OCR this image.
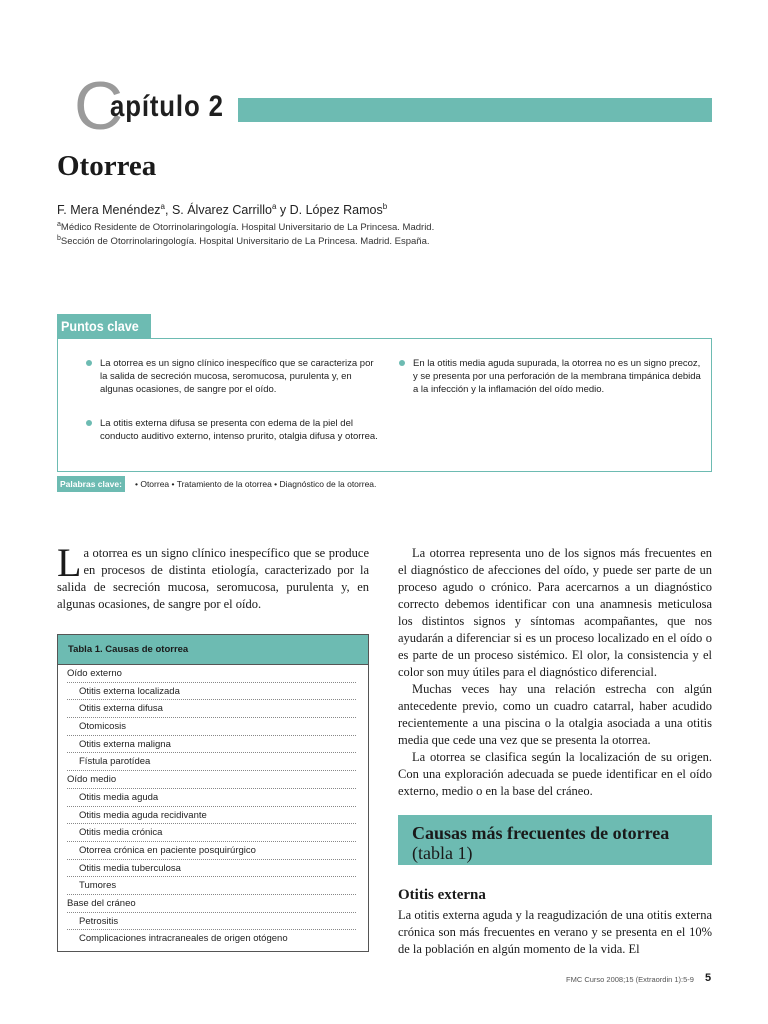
C
apítulo 2
Otorrea
F. Mera Menéndez$^a$, S. Álvarez Carrillo$^a$ y D. López Ramos$^b$
$^a$Médico Residente de Otorrinolaringología. Hospital Universitario de La Princesa. Madrid.
$^b$Sección de Otorrinolaringología. Hospital Universitario de La Princesa. Madrid. España.
Puntos clave
La otorrea es un signo clínico inespecífico que se caracteriza por la salida de secreción mucosa, seromucosa, purulenta y, en algunas ocasiones, de sangre por el oído.
La otitis externa difusa se presenta con edema de la piel del conducto auditivo externo, intenso prurito, otalgia difusa y otorrea.
En la otitis media aguda supurada, la otorrea no es un signo precoz, y se presenta por una perforación de la membrana timpánica debida a la infección y la inflamación del oído medio.
Palabras clave:	• Otorrea • Tratamiento de la otorrea • Diagnóstico de la otorrea.
La otorrea es un signo clínico inespecífico que se produce en procesos de distinta etiología, caracterizado por la salida de secreción mucosa, seromucosa, purulenta y, en algunas ocasiones, de sangre por el oído.
Tabla 1. Causas de otorrea
Oído externo
Otitis externa localizada
Otitis externa difusa
Otomicosis
Otitis externa maligna
Fístula parotídea
Oído medio
Otitis media aguda
Otitis media aguda recidivante
Otitis media crónica
Otorrea crónica en paciente posquirúrgico
Otitis media tuberculosa
Tumores
Base del cráneo
Petrositis
Complicaciones intracraneales de origen otógeno

La otorrea representa uno de los signos más frecuentes en el diagnóstico de afecciones del oído, y puede ser parte de un proceso agudo o crónico. Para acercarnos a un diagnóstico correcto debemos identificar con una anamnesis meticulosa los distintos signos y síntomas acompañantes, que nos ayudarán a diferenciar si es un proceso localizado en el oído o es parte de un proceso sistémico. El olor, la consistencia y el color son muy útiles para el diagnóstico diferencial.

Muchas veces hay una relación estrecha con algún antecedente previo, como un cuadro catarral, haber acudido recientemente a una piscina o la otalgia asociada a una otitis media que cede una vez que se presenta la otorrea.

La otorrea se clasifica según la localización de su origen. Con una exploración adecuada se puede identificar en el oído externo, medio o en la base del cráneo.

Causas más frecuentes de otorrea
(tabla 1)
Otitis externa
La otitis externa aguda y la reagudización de una otitis externa crónica son más frecuentes en verano y se presenta en el 10% de la población en algún momento de la vida. El
FMC Curso 2008;15 (Extraordin 1):5-9 5
